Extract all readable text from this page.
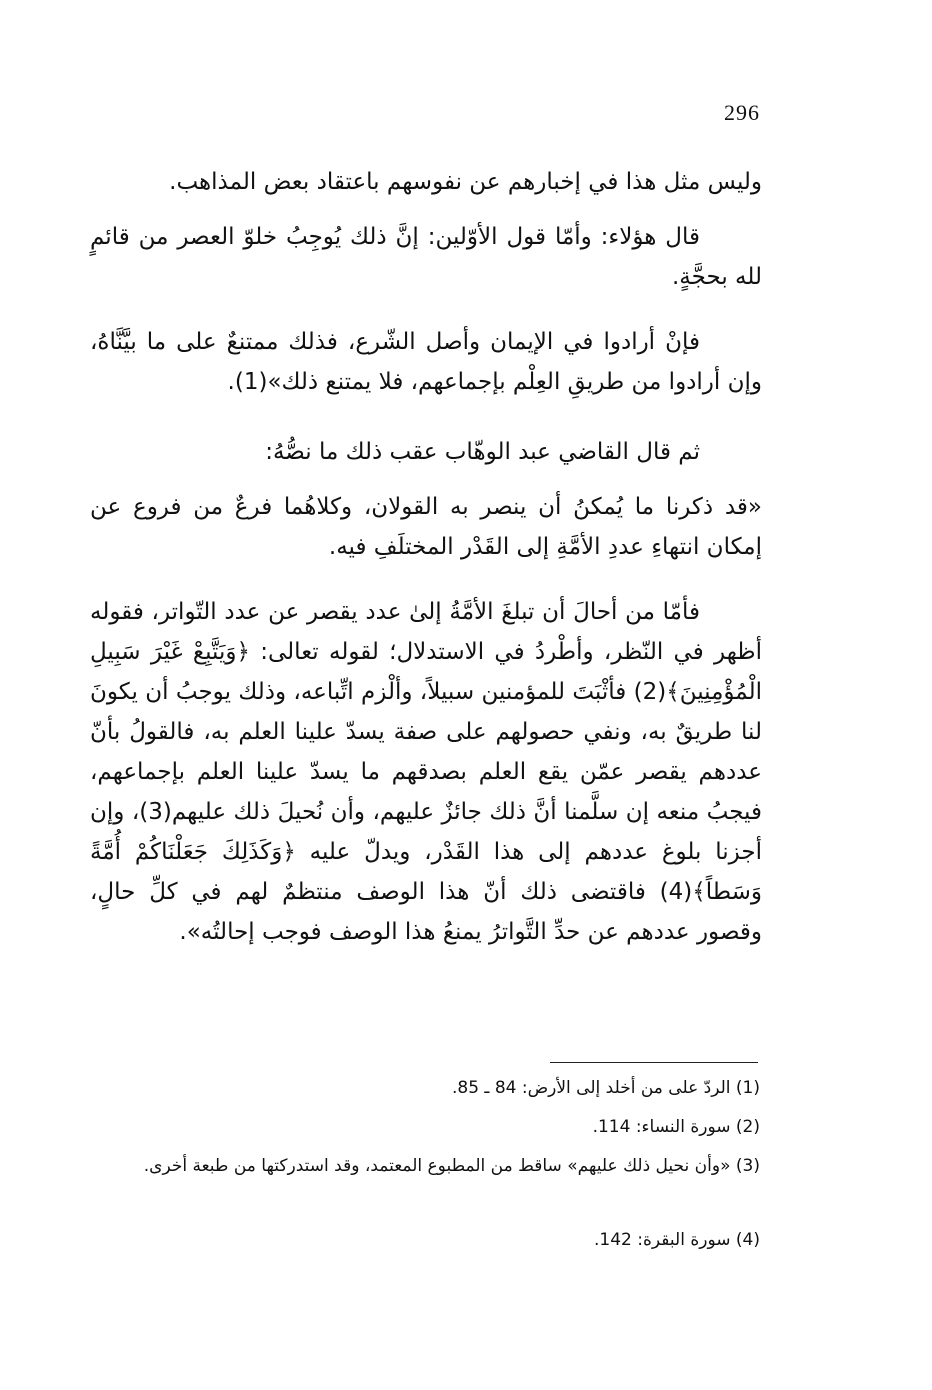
296
وليس مثل هذا في إخبارهم عن نفوسهم باعتقاد بعض المذاهب.
قال هؤلاء: وأمّا قول الأوّلين: إنَّ ذلك يُوجِبُ خلوّ العصر من قائمٍ لله بحجَّةٍ.
فإنْ أرادوا في الإيمان وأصل الشّرع، فذلك ممتنعٌ على ما بيَّنَّاهُ، وإن أرادوا من طريقِ العِلْم بإجماعهم، فلا يمتنع ذلك»(1).
ثم قال القاضي عبد الوهّاب عقب ذلك ما نصُّهُ:
«قد ذكرنا ما يُمكنُ أن ينصر به القولان، وكلاهُما فرعٌ من فروع عن إمكان انتهاءِ عددِ الأمَّةِ إلى القَدْر المختلَفِ فيه.
فأمّا من أحالَ أن تبلغَ الأمَّةُ إلىٰ عدد يقصر عن عدد التّواتر، فقوله أظهر في النّظر، وأطْردُ في الاستدلال؛ لقوله تعالى: ﴿وَيَتَّبِعْ غَيْرَ سَبِيلِ الْمُؤْمِنِينَ﴾(2) فأثْبَتَ للمؤمنين سبيلاً، وألْزم اتِّباعه، وذلك يوجبُ أن يكونَ لنا طريقٌ به، ونفي حصولهم على صفة يسدّ علينا العلم به، فالقولُ بأنّ عددهم يقصر عمّن يقع العلم بصدقهم ما يسدّ علينا العلم بإجماعهم، فيجبُ منعه إن سلَّمنا أنَّ ذلك جائزٌ عليهم، وأن نُحيلَ ذلك عليهم(3)، وإن أجزنا بلوغ عددهم إلى هذا القَدْر، ويدلّ عليه ﴿وَكَذَلِكَ جَعَلْنَاكُمْ أُمَّةً وَسَطاً﴾(4) فاقتضى ذلك أنّ هذا الوصف منتظمٌ لهم في كلِّ حالٍ، وقصور عددهم عن حدِّ التَّواترُ يمنعُ هذا الوصف فوجب إحالتُه».
(1) الردّ على من أخلد إلى الأرض: 84 ـ 85.
(2) سورة النساء: 114.
(3) «وأن نحيل ذلك عليهم» ساقط من المطبوع المعتمد، وقد استدركتها من طبعة أخرى.
(4) سورة البقرة: 142.
